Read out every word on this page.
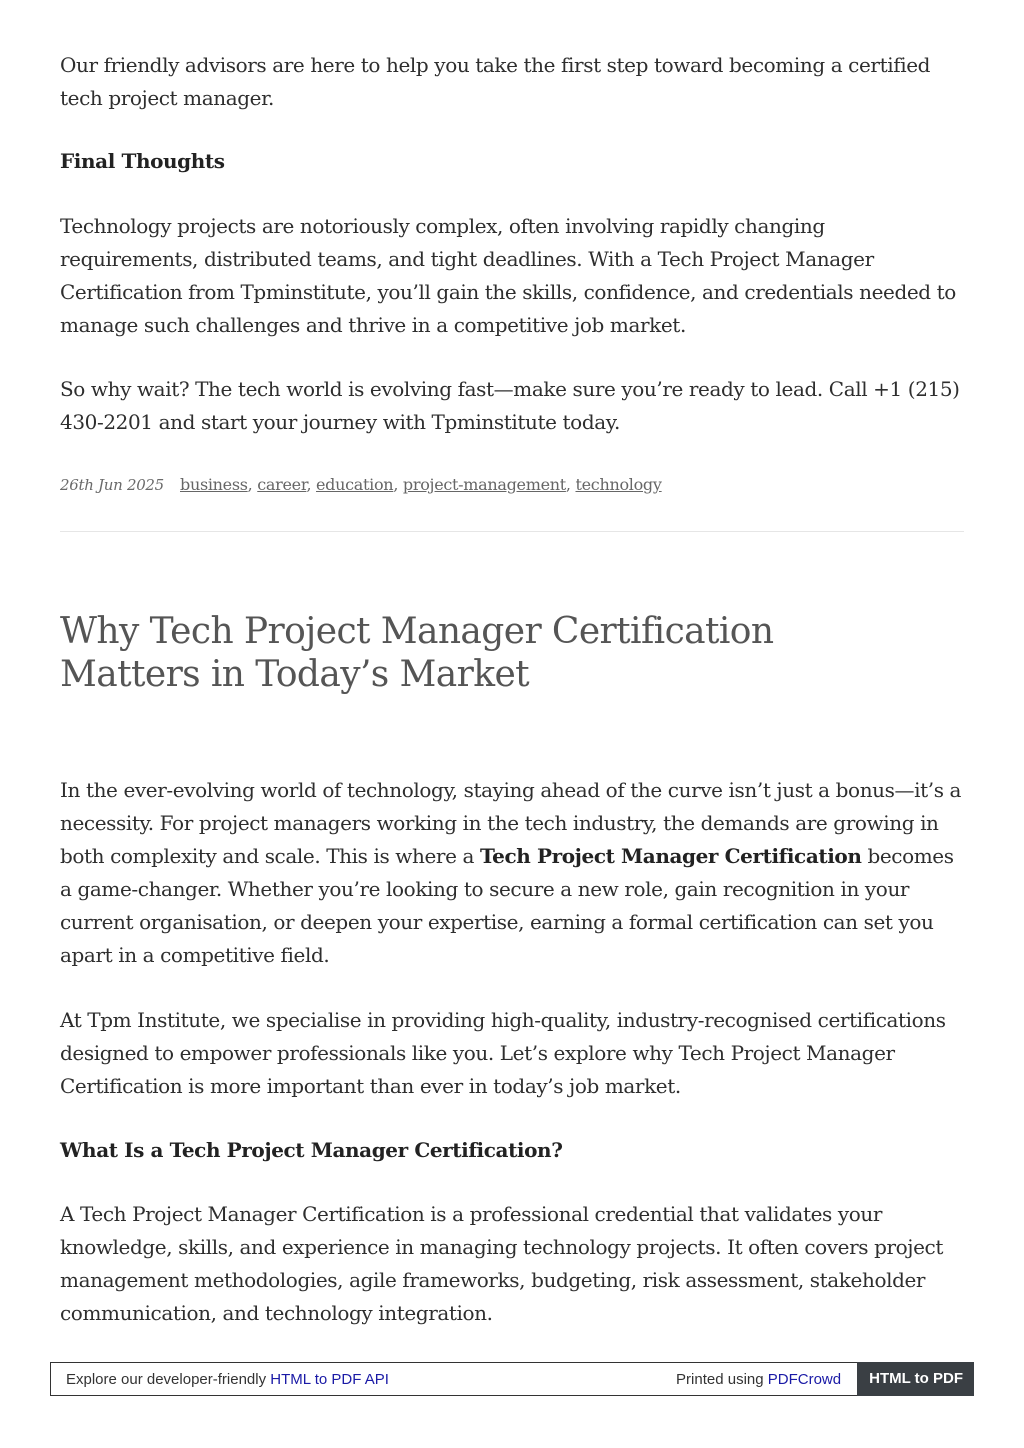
Our friendly advisors are here to help you take the first step toward becoming a certified tech project manager.

Final Thoughts

Technology projects are notoriously complex, often involving rapidly changing requirements, distributed teams, and tight deadlines. With a Tech Project Manager Certification from Tpminstitute, you’ll gain the skills, confidence, and credentials needed to manage such challenges and thrive in a competitive job market.

So why wait? The tech world is evolving fast—make sure you’re ready to lead. Call +1 (215) 430-2201 and start your journey with Tpminstitute today.

26th Jun 2025	business, career, education, project-management, technology
Why Tech Project Manager Certification Matters in Today’s Market

In the ever-evolving world of technology, staying ahead of the curve isn’t just a bonus—it’s a necessity. For project managers working in the tech industry, the demands are growing in both complexity and scale. This is where a Tech Project Manager Certification becomes a game-changer. Whether you’re looking to secure a new role, gain recognition in your current organisation, or deepen your expertise, earning a formal certification can set you apart in a competitive field.

At Tpm Institute, we specialise in providing high-quality, industry-recognised certifications designed to empower professionals like you. Let’s explore why Tech Project Manager Certification is more important than ever in today’s job market.

What Is a Tech Project Manager Certification?

A Tech Project Manager Certification is a professional credential that validates your knowledge, skills, and experience in managing technology projects. It often covers project management methodologies, agile frameworks, budgeting, risk assessment, stakeholder communication, and technology integration.

Explore our developer-friendly HTML to PDF API	Printed using PDFCrowd	HTML to PDF
